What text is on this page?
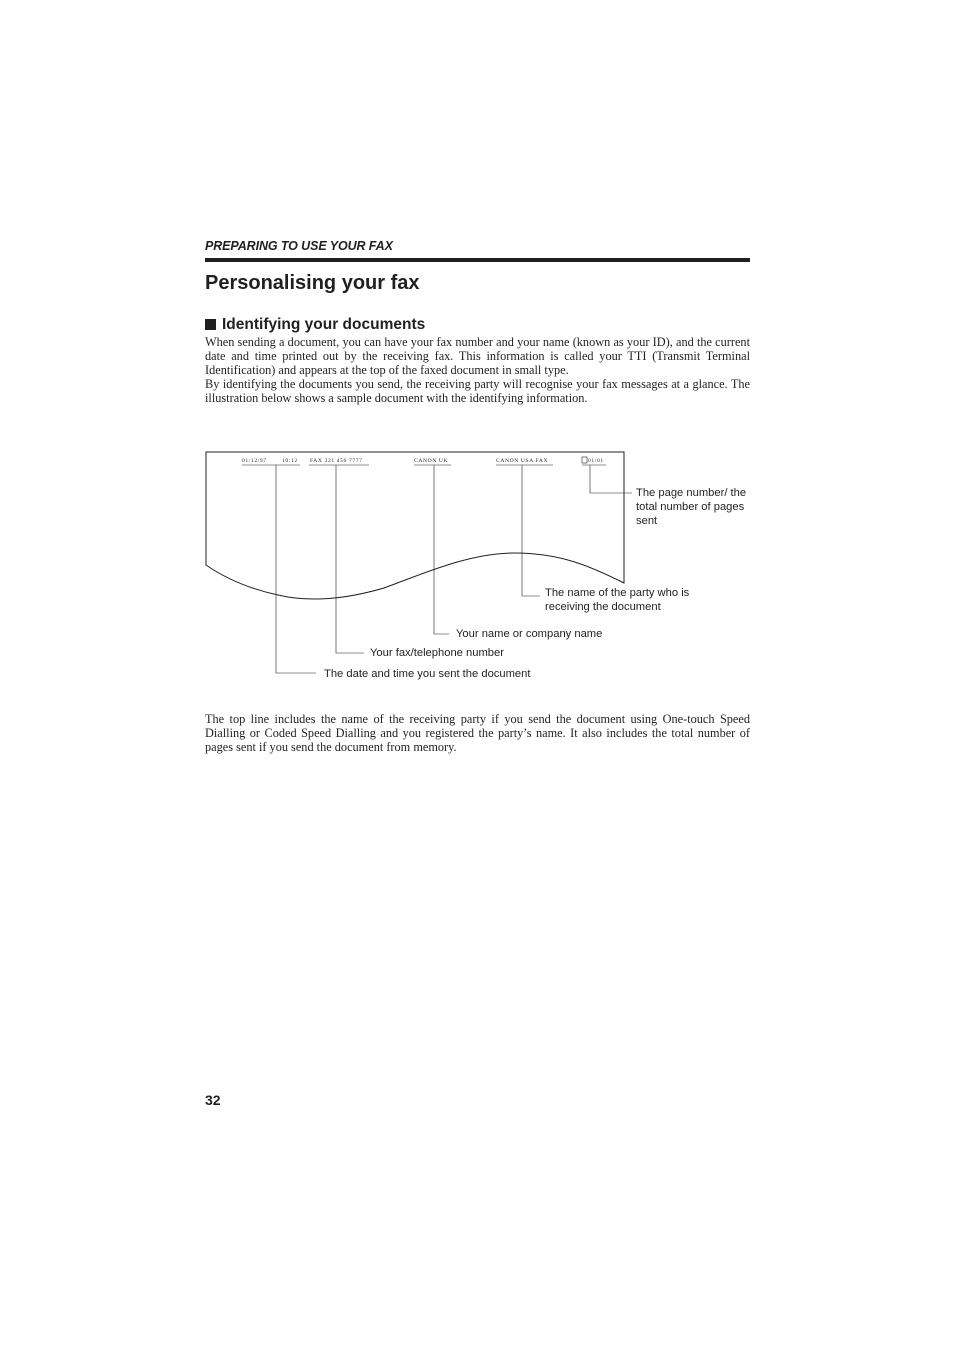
PREPARING TO USE YOUR FAX
Personalising your fax
Identifying your documents

When sending a document, you can have your fax number and your name (known as your ID), and the current date and time printed out by the receiving fax. This information is called your TTI (Transmit Terminal Identification) and appears at the top of the faxed document in small type.

By identifying the documents you send, the receiving party will recognise your fax messages at a glance. The illustration below shows a sample document with the identifying information.

01/12/97	10:12 FAX 321 456 7777	CANON UK	CANON USA FAX	01/01
The page number/ the total number of pages sent
The name of the party who is receiving the document
Your name or company name
Your fax/telephone number
The date and time you sent the document

The top line includes the name of the receiving party if you send the document using One-touch Speed Dialling or Coded Speed Dialling and you registered the party’s name. It also includes the total number of pages sent if you send the document from memory.

32
